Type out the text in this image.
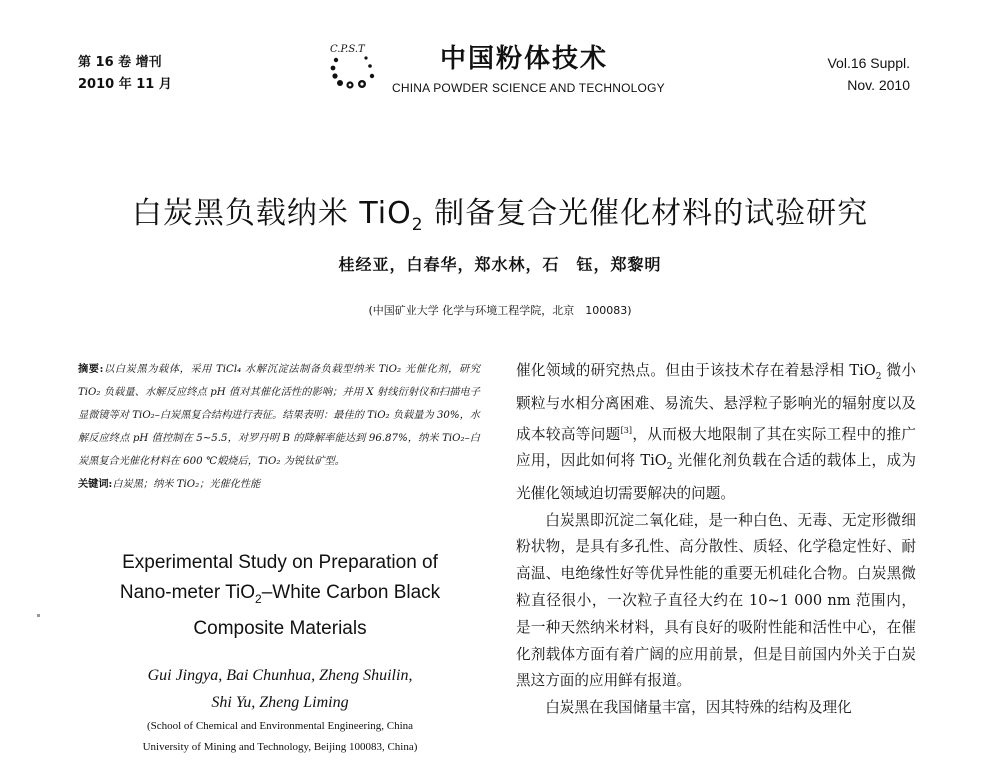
第 16 卷 增刊
2010 年 11 月
C.P.S.T	中国粉体技术
CHINA POWDER SCIENCE AND TECHNOLOGY
Vol.16 Suppl.
Nov. 2010
白炭黑负载纳米 TiO$_2$ 制备复合光催化材料的试验研究
桂经亚，白春华，郑水林，石　钰，郑黎明
(中国矿业大学 化学与环境工程学院，北京　100083)
摘要:以白炭黑为载体，采用 TiCl₄ 水解沉淀法制备负载型纳米 TiO₂ 光催化剂，研究 TiO₂ 负载量、水解反应终点 pH 值对其催化活性的影响；并用 X 射线衍射仪和扫描电子显微镜等对 TiO₂–白炭黑复合结构进行表征。结果表明：最佳的 TiO₂ 负载量为 30%，水解反应终点 pH 值控制在 5~5.5，对罗丹明 B 的降解率能达到 96.87%，纳米 TiO₂–白炭黑复合光催化材料在 600 ℃煅烧后，TiO₂ 为锐钛矿型。
关键词:白炭黑；纳米 TiO₂；光催化性能
Experimental Study on Preparation of
Nano-meter TiO$_2$–White Carbon Black
Composite Materials
Gui Jingya, Bai Chunhua, Zheng Shuilin,
Shi Yu, Zheng Liming
(School of Chemical and Environmental Engineering, China
University of Mining and Technology, Beijing 100083, China)

催化领域的研究热点。但由于该技术存在着悬浮相 TiO$_2$ 微小颗粒与水相分离困难、易流失、悬浮粒子影响光的辐射度以及成本较高等问题[3]，从而极大地限制了其在实际工程中的推广应用，因此如何将 TiO$_2$ 光催化剂负载在合适的载体上，成为光催化领域迫切需要解决的问题。

白炭黑即沉淀二氧化硅，是一种白色、无毒、无定形微细粉状物，是具有多孔性、高分散性、质轻、化学稳定性好、耐高温、电绝缘性好等优异性能的重要无机硅化合物。白炭黑微粒直径很小，一次粒子直径大约在 10~1 000 nm 范围内，是一种天然纳米材料，具有良好的吸附性能和活性中心，在催化剂载体方面有着广阔的应用前景，但是目前国内外关于白炭黑这方面的应用鲜有报道。

白炭黑在我国储量丰富，因其特殊的结构及理化
